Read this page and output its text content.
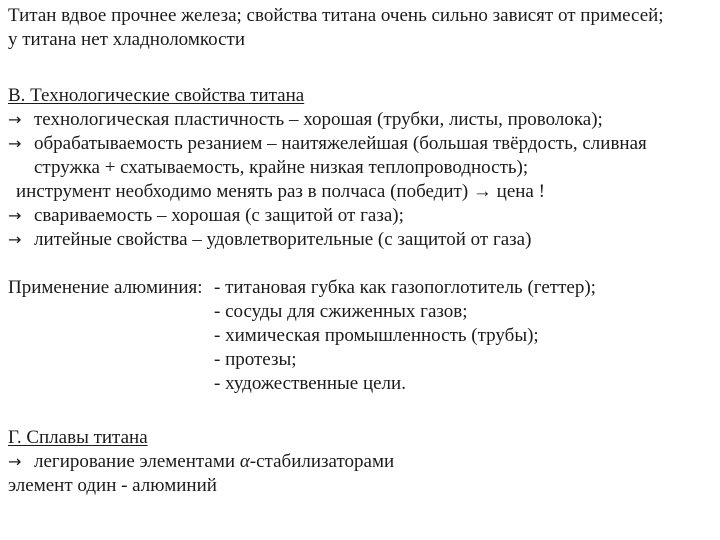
Титан вдвое прочнее железа; свойства титана очень сильно зависят от примесей;
у титана нет хладноломкости
В. Технологические свойства титана
→ технологическая пластичность – хорошая (трубки, листы, проволока);
→ обрабатываемость резанием – наитяжелейшая (большая твёрдость, сливная
стружка + схатываемость, крайне низкая теплопроводность);
инструмент необходимо менять раз в полчаса (победит) → цена !
→ свариваемость – хорошая (с защитой от газа);
→ литейные свойства – удовлетворительные (с защитой от газа)
Применение алюминия: - титановая губка как газопоглотитель (геттер);
- сосуды для сжиженных газов;
- химическая промышленность (трубы);
- протезы;
- художественные цели.
Г. Сплавы титана
→ легирование элементами α-стабилизаторами
элемент один - алюминий
